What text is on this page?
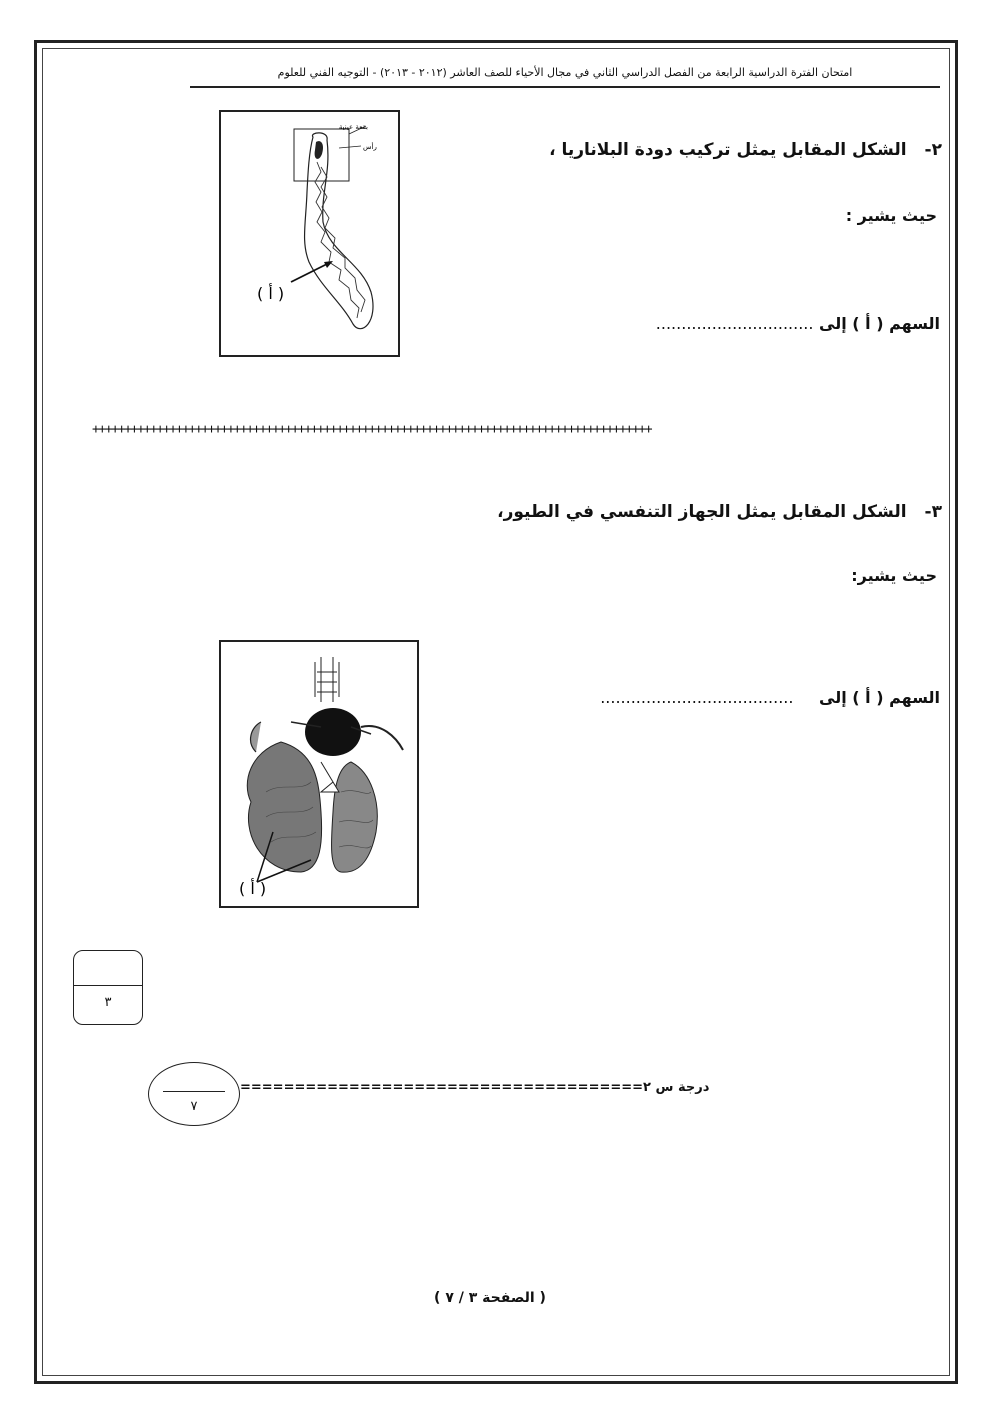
امتحان الفترة الدراسية الرابعة من الفصل الدراسي الثاني في مجال الأحياء للصف العاشر (٢٠١٢ - ٢٠١٣) - التوجيه الفني للعلوم
٢-الشكل المقابل يمثل تركيب دودة البلاناريا ،
حيث يشير :
السهم ( أ ) إلى ...............................
بقعة عينية
رأس
( أ )
+++++++++++++++++++++++++++++++++++++++++++++++++++++++++++++++++++++++++++++++++++++++
٣-الشكل المقابل يمثل الجهاز التنفسي في الطيور،
حيث يشير:
السهم ( أ ) إلى ......................................
( أ )
٣
٧
درجة س ٢=====================================
( الصفحة ٣ / ٧ )
